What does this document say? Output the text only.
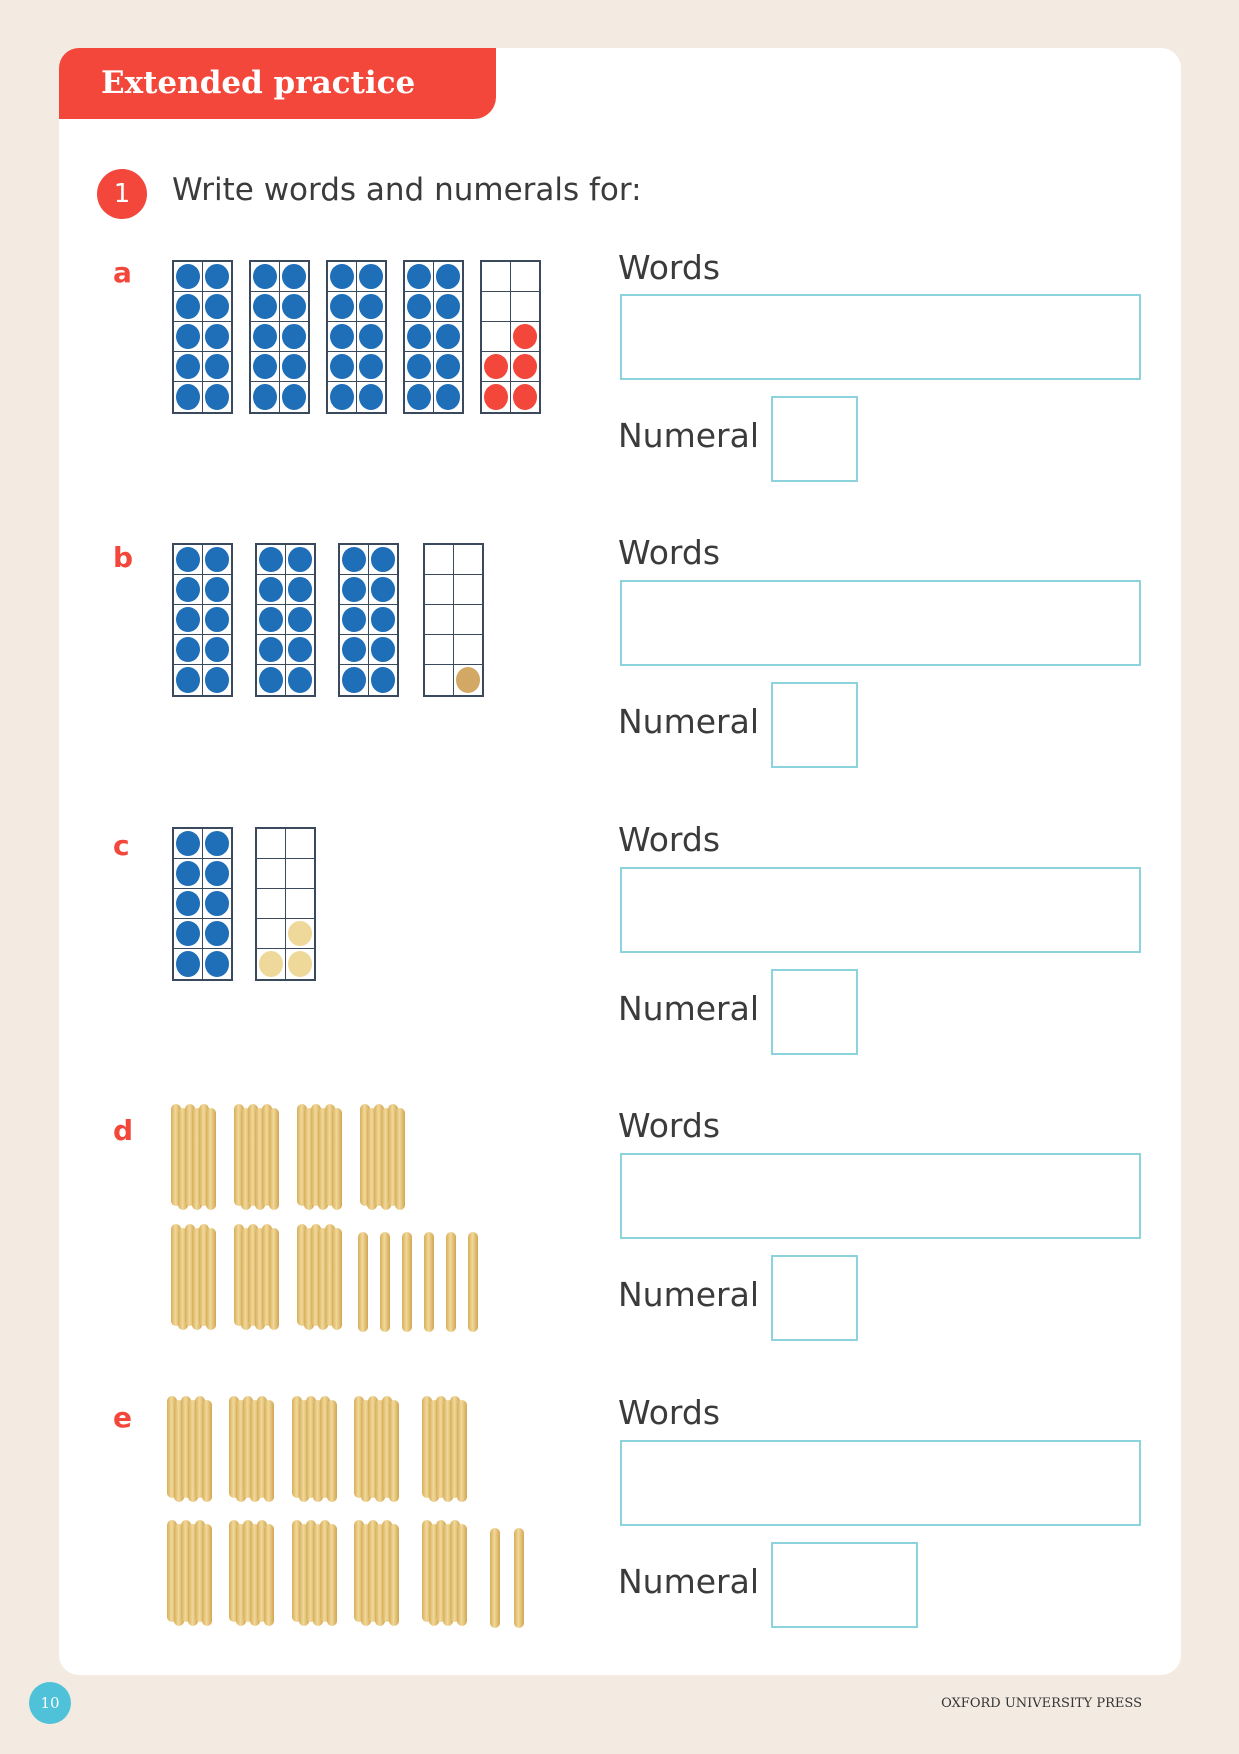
Extended practice
1	Write words and numerals for:
a	Words
Numeral
b	Words
Numeral
c	Words
Numeral
d	Words
Numeral
e	Words
Numeral
10	OXFORD UNIVERSITY PRESS
